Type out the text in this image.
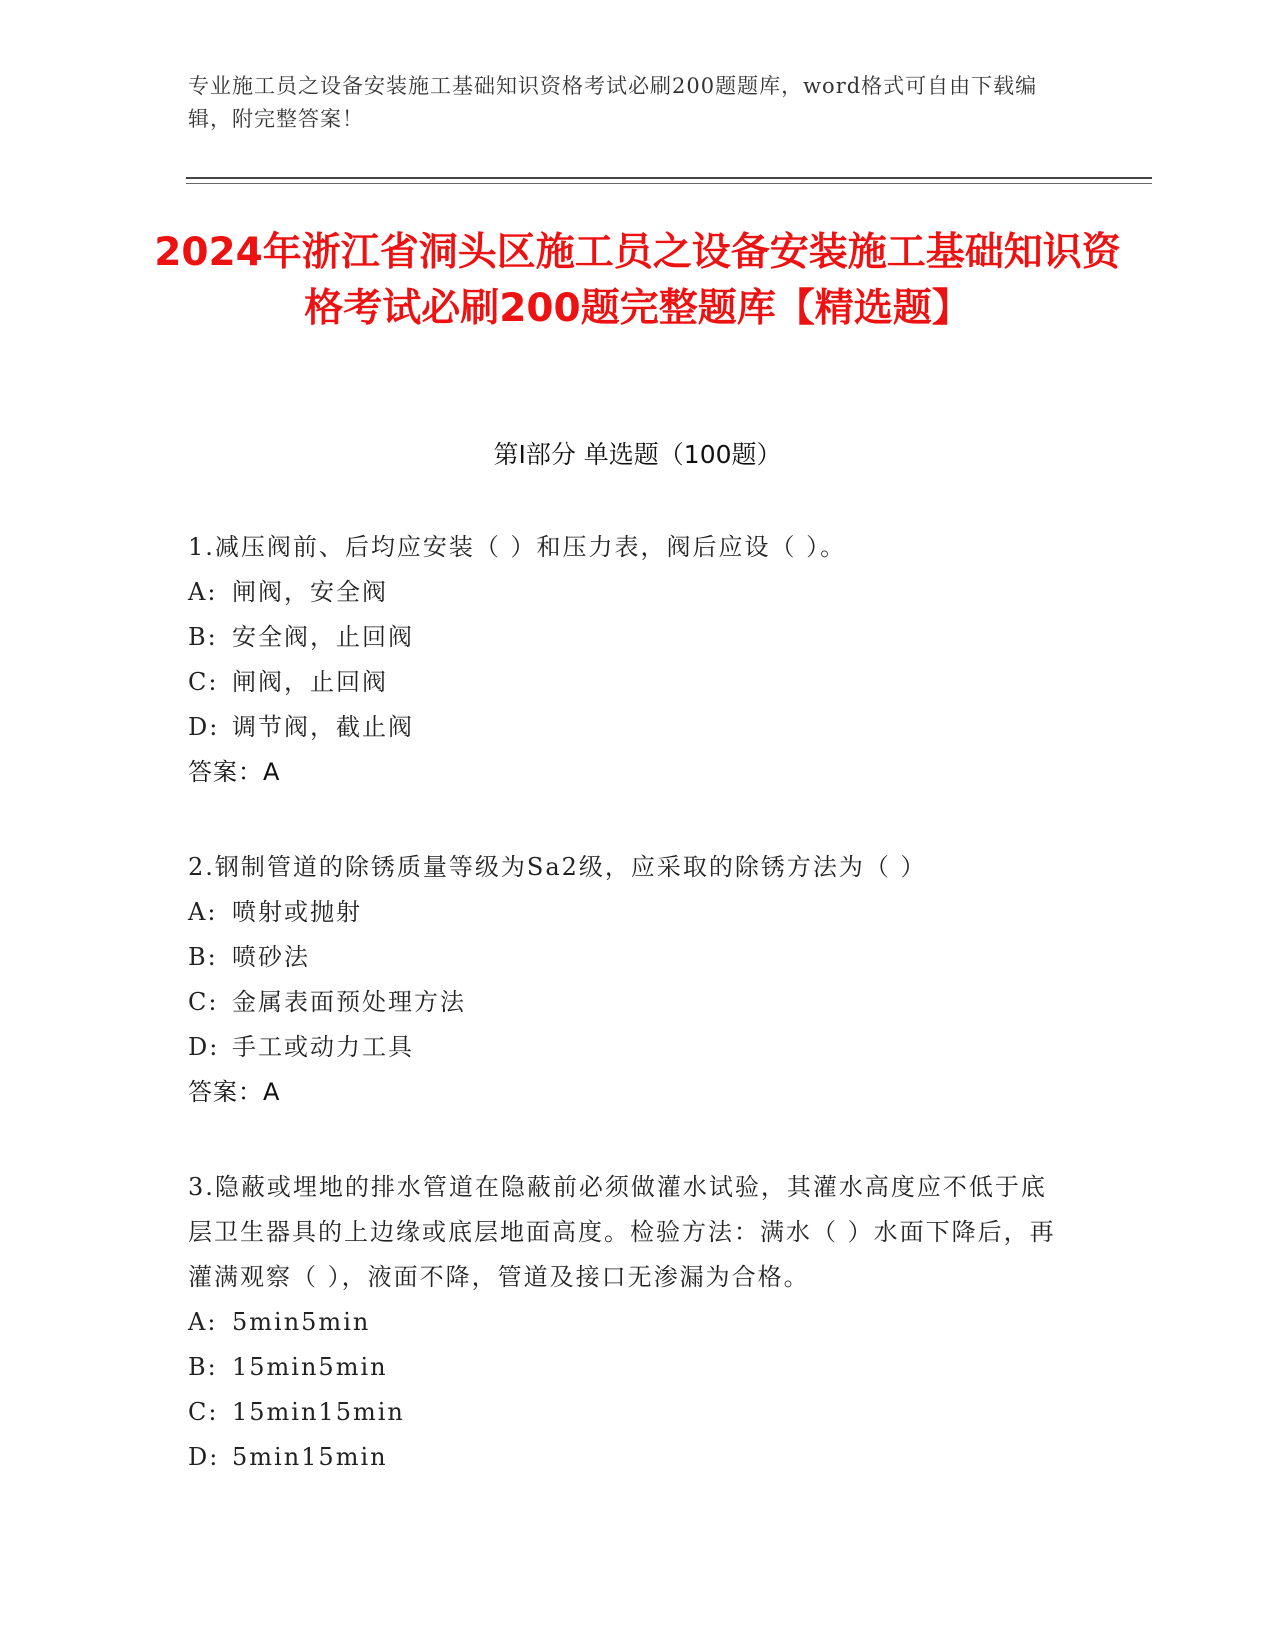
专业施工员之设备安装施工基础知识资格考试必刷200题题库，word格式可自由下载编辑，附完整答案！
2024年浙江省洞头区施工员之设备安装施工基础知识资格考试必刷200题完整题库【精选题】
第Ⅰ部分 单选题（100题）
1.减压阀前、后均应安装（ ）和压力表，阀后应设（ ）。
A: 闸阀，安全阀
B: 安全阀，止回阀
C: 闸阀，止回阀
D: 调节阀，截止阀
答案：A
2.钢制管道的除锈质量等级为Sa2级，应采取的除锈方法为（ ）
A: 喷射或抛射
B: 喷砂法
C: 金属表面预处理方法
D: 手工或动力工具
答案：A
3.隐蔽或埋地的排水管道在隐蔽前必须做灌水试验，其灌水高度应不低于底层卫生器具的上边缘或底层地面高度。检验方法：满水（ ）水面下降后，再灌满观察（ ），液面不降，管道及接口无渗漏为合格。
A: 5min5min
B: 15min5min
C: 15min15min
D: 5min15min
